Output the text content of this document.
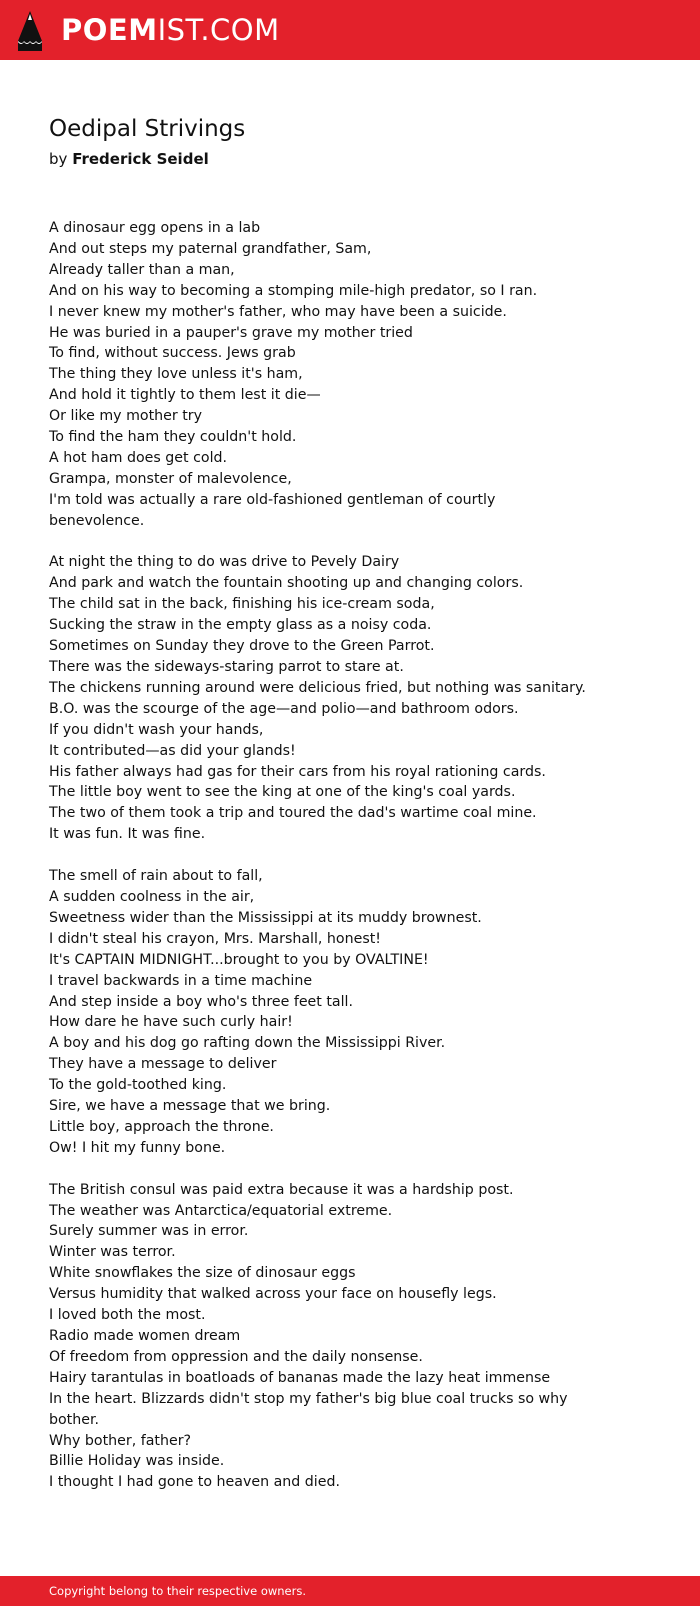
POEMIST.COM
Oedipal Strivings
by Frederick Seidel

A dinosaur egg opens in a lab
And out steps my paternal grandfather, Sam,
Already taller than a man,
And on his way to becoming a stomping mile-high predator, so I ran.
I never knew my mother's father, who may have been a suicide.
He was buried in a pauper's grave my mother tried
To find, without success. Jews grab
The thing they love unless it's ham,
And hold it tightly to them lest it die—
Or like my mother try
To find the ham they couldn't hold.
A hot ham does get cold.
Grampa, monster of malevolence,
I'm told was actually a rare old-fashioned gentleman of courtly
benevolence.

At night the thing to do was drive to Pevely Dairy
And park and watch the fountain shooting up and changing colors.
The child sat in the back, finishing his ice-cream soda,
Sucking the straw in the empty glass as a noisy coda.
Sometimes on Sunday they drove to the Green Parrot.
There was the sideways-staring parrot to stare at.
The chickens running around were delicious fried, but nothing was sanitary.
B.O. was the scourge of the age—and polio—and bathroom odors.
If you didn't wash your hands,
It contributed—as did your glands!
His father always had gas for their cars from his royal rationing cards.
The little boy went to see the king at one of the king's coal yards.
The two of them took a trip and toured the dad's wartime coal mine.
It was fun. It was fine.

The smell of rain about to fall,
A sudden coolness in the air,
Sweetness wider than the Mississippi at its muddy brownest.
I didn't steal his crayon, Mrs. Marshall, honest!
It's CAPTAIN MIDNIGHT...brought to you by OVALTINE!
I travel backwards in a time machine
And step inside a boy who's three feet tall.
How dare he have such curly hair!
A boy and his dog go rafting down the Mississippi River.
They have a message to deliver
To the gold-toothed king.
Sire, we have a message that we bring.
Little boy, approach the throne.
Ow! I hit my funny bone.

The British consul was paid extra because it was a hardship post.
The weather was Antarctica/equatorial extreme.
Surely summer was in error.
Winter was terror.
White snowflakes the size of dinosaur eggs
Versus humidity that walked across your face on housefly legs.
I loved both the most.
Radio made women dream
Of freedom from oppression and the daily nonsense.
Hairy tarantulas in boatloads of bananas made the lazy heat immense
In the heart. Blizzards didn't stop my father's big blue coal trucks so why
bother.
Why bother, father?
Billie Holiday was inside.
I thought I had gone to heaven and died.

Copyright belong to their respective owners.
